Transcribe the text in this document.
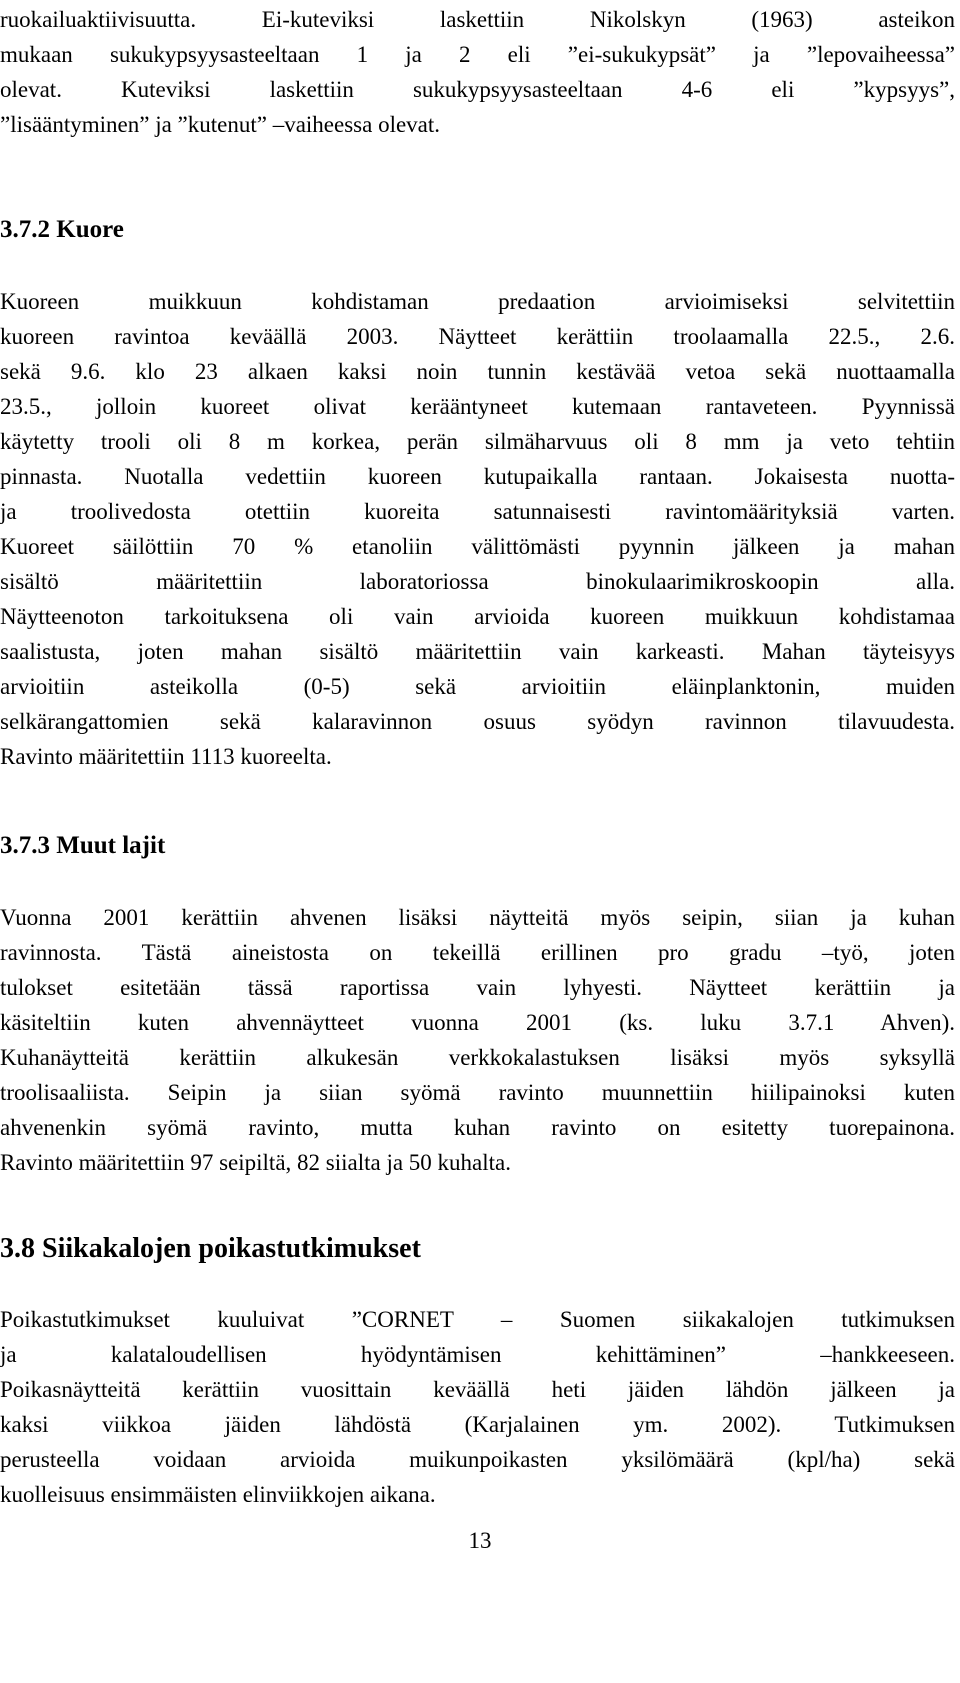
ruokailuaktiivisuutta. Ei-kuteviksi laskettiin Nikolskyn (1963) asteikon
mukaan sukukypsyysasteeltaan 1 ja 2 eli ”ei-sukukypsät” ja ”lepovaiheessa”
olevat. Kuteviksi laskettiin sukukypsyysasteeltaan 4-6 eli ”kypsyys”,
”lisääntyminen” ja ”kutenut” –vaiheessa olevat.
3.7.2 Kuore
Kuoreen muikkuun kohdistaman predaation arvioimiseksi selvitettiin
kuoreen ravintoa keväällä 2003. Näytteet kerättiin troolaamalla 22.5., 2.6.
sekä 9.6. klo 23 alkaen kaksi noin tunnin kestävää vetoa sekä nuottaamalla
23.5., jolloin kuoreet olivat kerääntyneet kutemaan rantaveteen. Pyynnissä
käytetty trooli oli 8 m korkea, perän silmäharvuus oli 8 mm ja veto tehtiin
pinnasta. Nuotalla vedettiin kuoreen kutupaikalla rantaan. Jokaisesta nuotta-
ja troolivedosta otettiin kuoreita satunnaisesti ravintomäärityksiä varten.
Kuoreet säilöttiin 70 % etanoliin välittömästi pyynnin jälkeen ja mahan
sisältö määritettiin laboratoriossa binokulaarimikroskoopin alla.
Näytteenoton tarkoituksena oli vain arvioida kuoreen muikkuun kohdistamaa
saalistusta, joten mahan sisältö määritettiin vain karkeasti. Mahan täyteisyys
arvioitiin asteikolla (0-5) sekä arvioitiin eläinplanktonin, muiden
selkärangattomien sekä kalaravinnon osuus syödyn ravinnon tilavuudesta.
Ravinto määritettiin 1113 kuoreelta.
3.7.3 Muut lajit
Vuonna 2001 kerättiin ahvenen lisäksi näytteitä myös seipin, siian ja kuhan
ravinnosta. Tästä aineistosta on tekeillä erillinen pro gradu –työ, joten
tulokset esitetään tässä raportissa vain lyhyesti. Näytteet kerättiin ja
käsiteltiin kuten ahvennäytteet vuonna 2001 (ks. luku 3.7.1 Ahven).
Kuhanäytteitä kerättiin alkukesän verkkokalastuksen lisäksi myös syksyllä
troolisaaliista. Seipin ja siian syömä ravinto muunnettiin hiilipainoksi kuten
ahvenenkin syömä ravinto, mutta kuhan ravinto on esitetty tuorepainona.
Ravinto määritettiin 97 seipiltä, 82 siialta ja 50 kuhalta.
3.8 Siikakalojen poikastutkimukset
Poikastutkimukset kuuluivat ”CORNET – Suomen siikakalojen tutkimuksen
ja kalataloudellisen hyödyntämisen kehittäminen” –hankkeeseen.
Poikasnäytteitä kerättiin vuosittain keväällä heti jäiden lähdön jälkeen ja
kaksi viikkoa jäiden lähdöstä (Karjalainen ym. 2002). Tutkimuksen
perusteella voidaan arvioida muikunpoikasten yksilömäärä (kpl/ha) sekä
kuolleisuus ensimmäisten elinviikkojen aikana.
13
